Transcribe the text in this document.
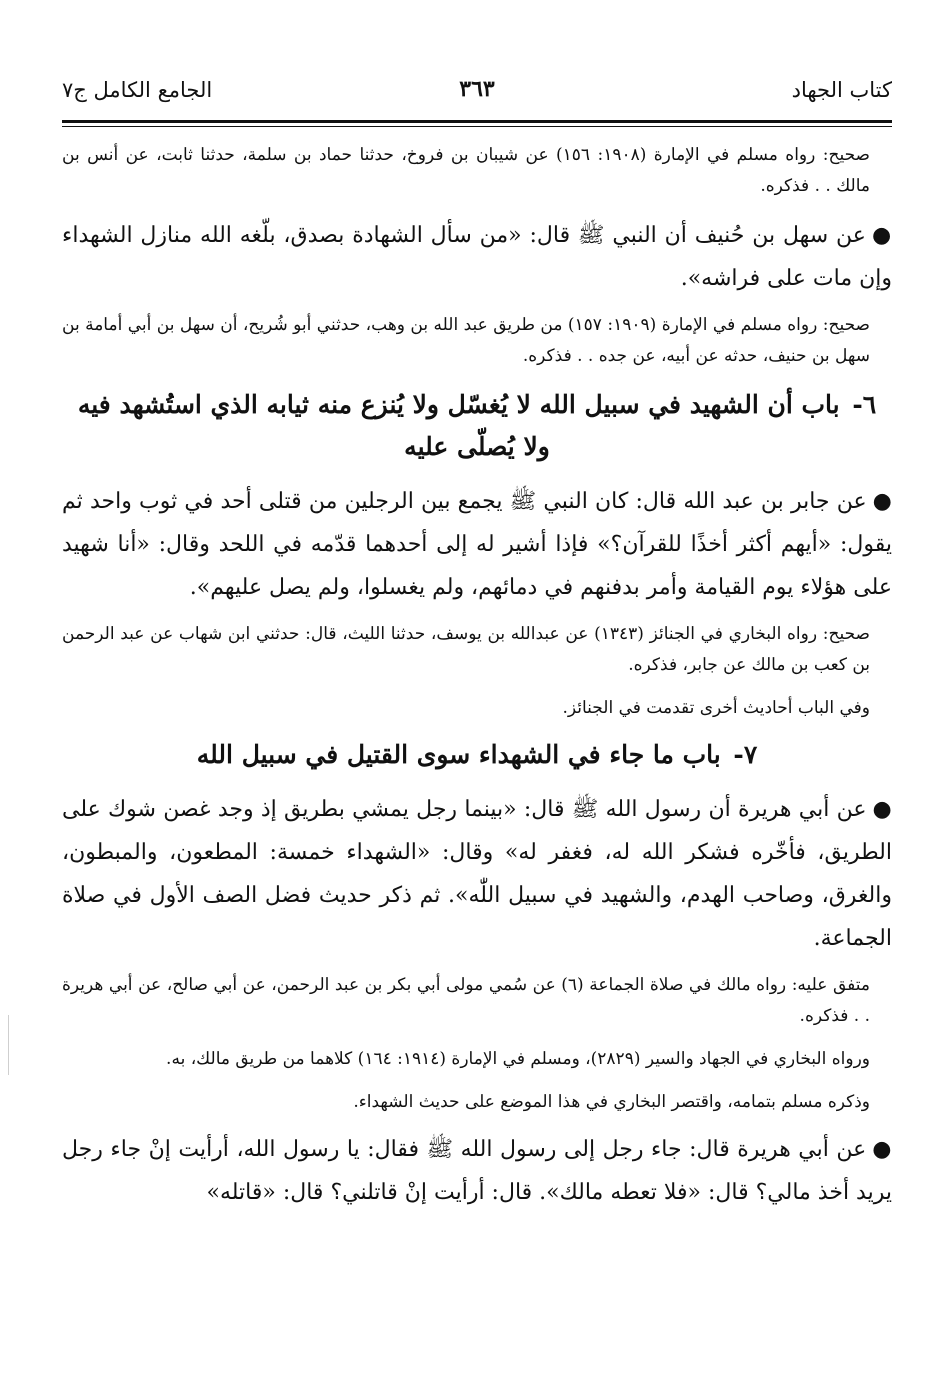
كتاب الجهاد
٣٦٣
الجامع الكامل ج٧

صحيح: رواه مسلم في الإمارة (١٩٠٨: ١٥٦) عن شيبان بن فروخ، حدثنا حماد بن سلمة، حدثنا ثابت، عن أنس بن مالك . . فذكره.

●عن سهل بن حُنيف أن النبي ﷺ قال: «من سأل الشهادة بصدق، بلّغه الله منازل الشهداء وإن مات على فراشه».

صحيح: رواه مسلم في الإمارة (١٩٠٩: ١٥٧) من طريق عبد الله بن وهب، حدثني أبو شُريح، أن سهل بن أبي أمامة بن سهل بن حنيف، حدثه عن أبيه، عن جده . . فذكره.

٦- باب أن الشهيد في سبيل الله لا يُغسّل ولا يُنزع منه ثيابه الذي استُشهد فيه ولا يُصلّى عليه

●عن جابر بن عبد الله قال: كان النبي ﷺ يجمع بين الرجلين من قتلى أحد في ثوب واحد ثم يقول: «أيهم أكثر أخذًا للقرآن؟» فإذا أشير له إلى أحدهما قدّمه في اللحد وقال: «أنا شهيد على هؤلاء يوم القيامة وأمر بدفنهم في دمائهم، ولم يغسلوا، ولم يصل عليهم».

صحيح: رواه البخاري في الجنائز (١٣٤٣) عن عبدالله بن يوسف، حدثنا الليث، قال: حدثني ابن شهاب عن عبد الرحمن بن كعب بن مالك عن جابر، فذكره.

وفي الباب أحاديث أخرى تقدمت في الجنائز.

٧- باب ما جاء في الشهداء سوى القتيل في سبيل الله

●عن أبي هريرة أن رسول الله ﷺ قال: «بينما رجل يمشي بطريق إذ وجد غصن شوك على الطريق، فأخّره فشكر الله له، فغفر له» وقال: «الشهداء خمسة: المطعون، والمبطون، والغرق، وصاحب الهدم، والشهيد في سبيل اللّٰه». ثم ذكر حديث فضل الصف الأول في صلاة الجماعة.

متفق عليه: رواه مالك في صلاة الجماعة (٦) عن سُمي مولى أبي بكر بن عبد الرحمن، عن أبي صالح، عن أبي هريرة . . فذكره.

ورواه البخاري في الجهاد والسير (٢٨٢٩)، ومسلم في الإمارة (١٩١٤: ١٦٤) كلاهما من طريق مالك، به.

وذكره مسلم بتمامه، واقتصر البخاري في هذا الموضع على حديث الشهداء.

●عن أبي هريرة قال: جاء رجل إلى رسول الله ﷺ فقال: يا رسول الله، أرأيت إنْ جاء رجل يريد أخذ مالي؟ قال: «فلا تعطه مالك». قال: أرأيت إنْ قاتلني؟ قال: «قاتله»
